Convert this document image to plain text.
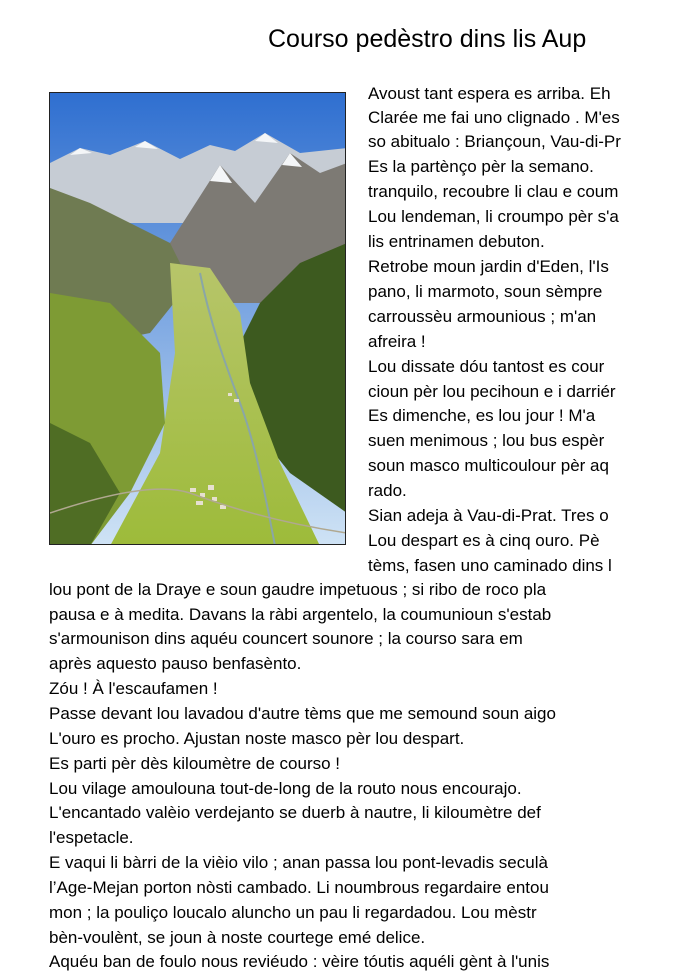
Courso pedèstro dins lis Aup

Avoust tant espera es arriba. Eh

Clarée me fai uno clignado . M'es

so abitualo : Briançoun, Vau-di-Pr

Es la partènço pèr la semano.

tranquilo, recoubre li clau e coum

Lou lendeman, li croumpo pèr s'a

lis entrinamen debuton.

Retrobe moun jardin d'Eden, l'Is

pano, li marmoto, soun sèmpre

carroussèu armounious ; m'an

afreira !

Lou dissate dóu tantost es cour

cioun pèr lou pecihoun e i darriér

Es dimenche, es lou jour ! M'a

suen menimous ; lou bus espèr

soun masco multicoulour pèr aq

rado.

Sian adeja à Vau-di-Prat. Tres o

Lou despart es à cinq ouro. Pè

tèms, fasen uno caminado dins l

lou pont de la Draye e soun gaudre impetuous ; si ribo de roco pla

pausa e à medita. Davans la ràbi argentelo, la coumunioun s'estab

s'armounison dins aquéu councert sounore ; la courso sara em

après aquesto pauso benfasènto.

Zóu ! À l'escaufamen !

Passe devant lou lavadou d'autre tèms que me semound soun aigo

L'ouro es procho. Ajustan noste masco pèr lou despart.

Es parti pèr dès kiloumètre de courso !

Lou vilage amoulouna tout-de-long de la routo nous encourajo.

L'encantado valèio verdejanto se duerb à nautre, li kiloumètre def

l'espetacle.

E vaqui li bàrri de la vièio vilo ; anan passa lou pont-levadis seculà

l’Age-Mejan porton nòsti cambado. Li noumbrous regardaire entou

mon ; la pouliço loucalo aluncho un pau li regardadou. Lou mèstr

bèn-voulènt, se joun à noste courtege emé delice.

Aquéu ban de foulo nous reviéudo : vèire tóutis aquéli gènt à l'unis
